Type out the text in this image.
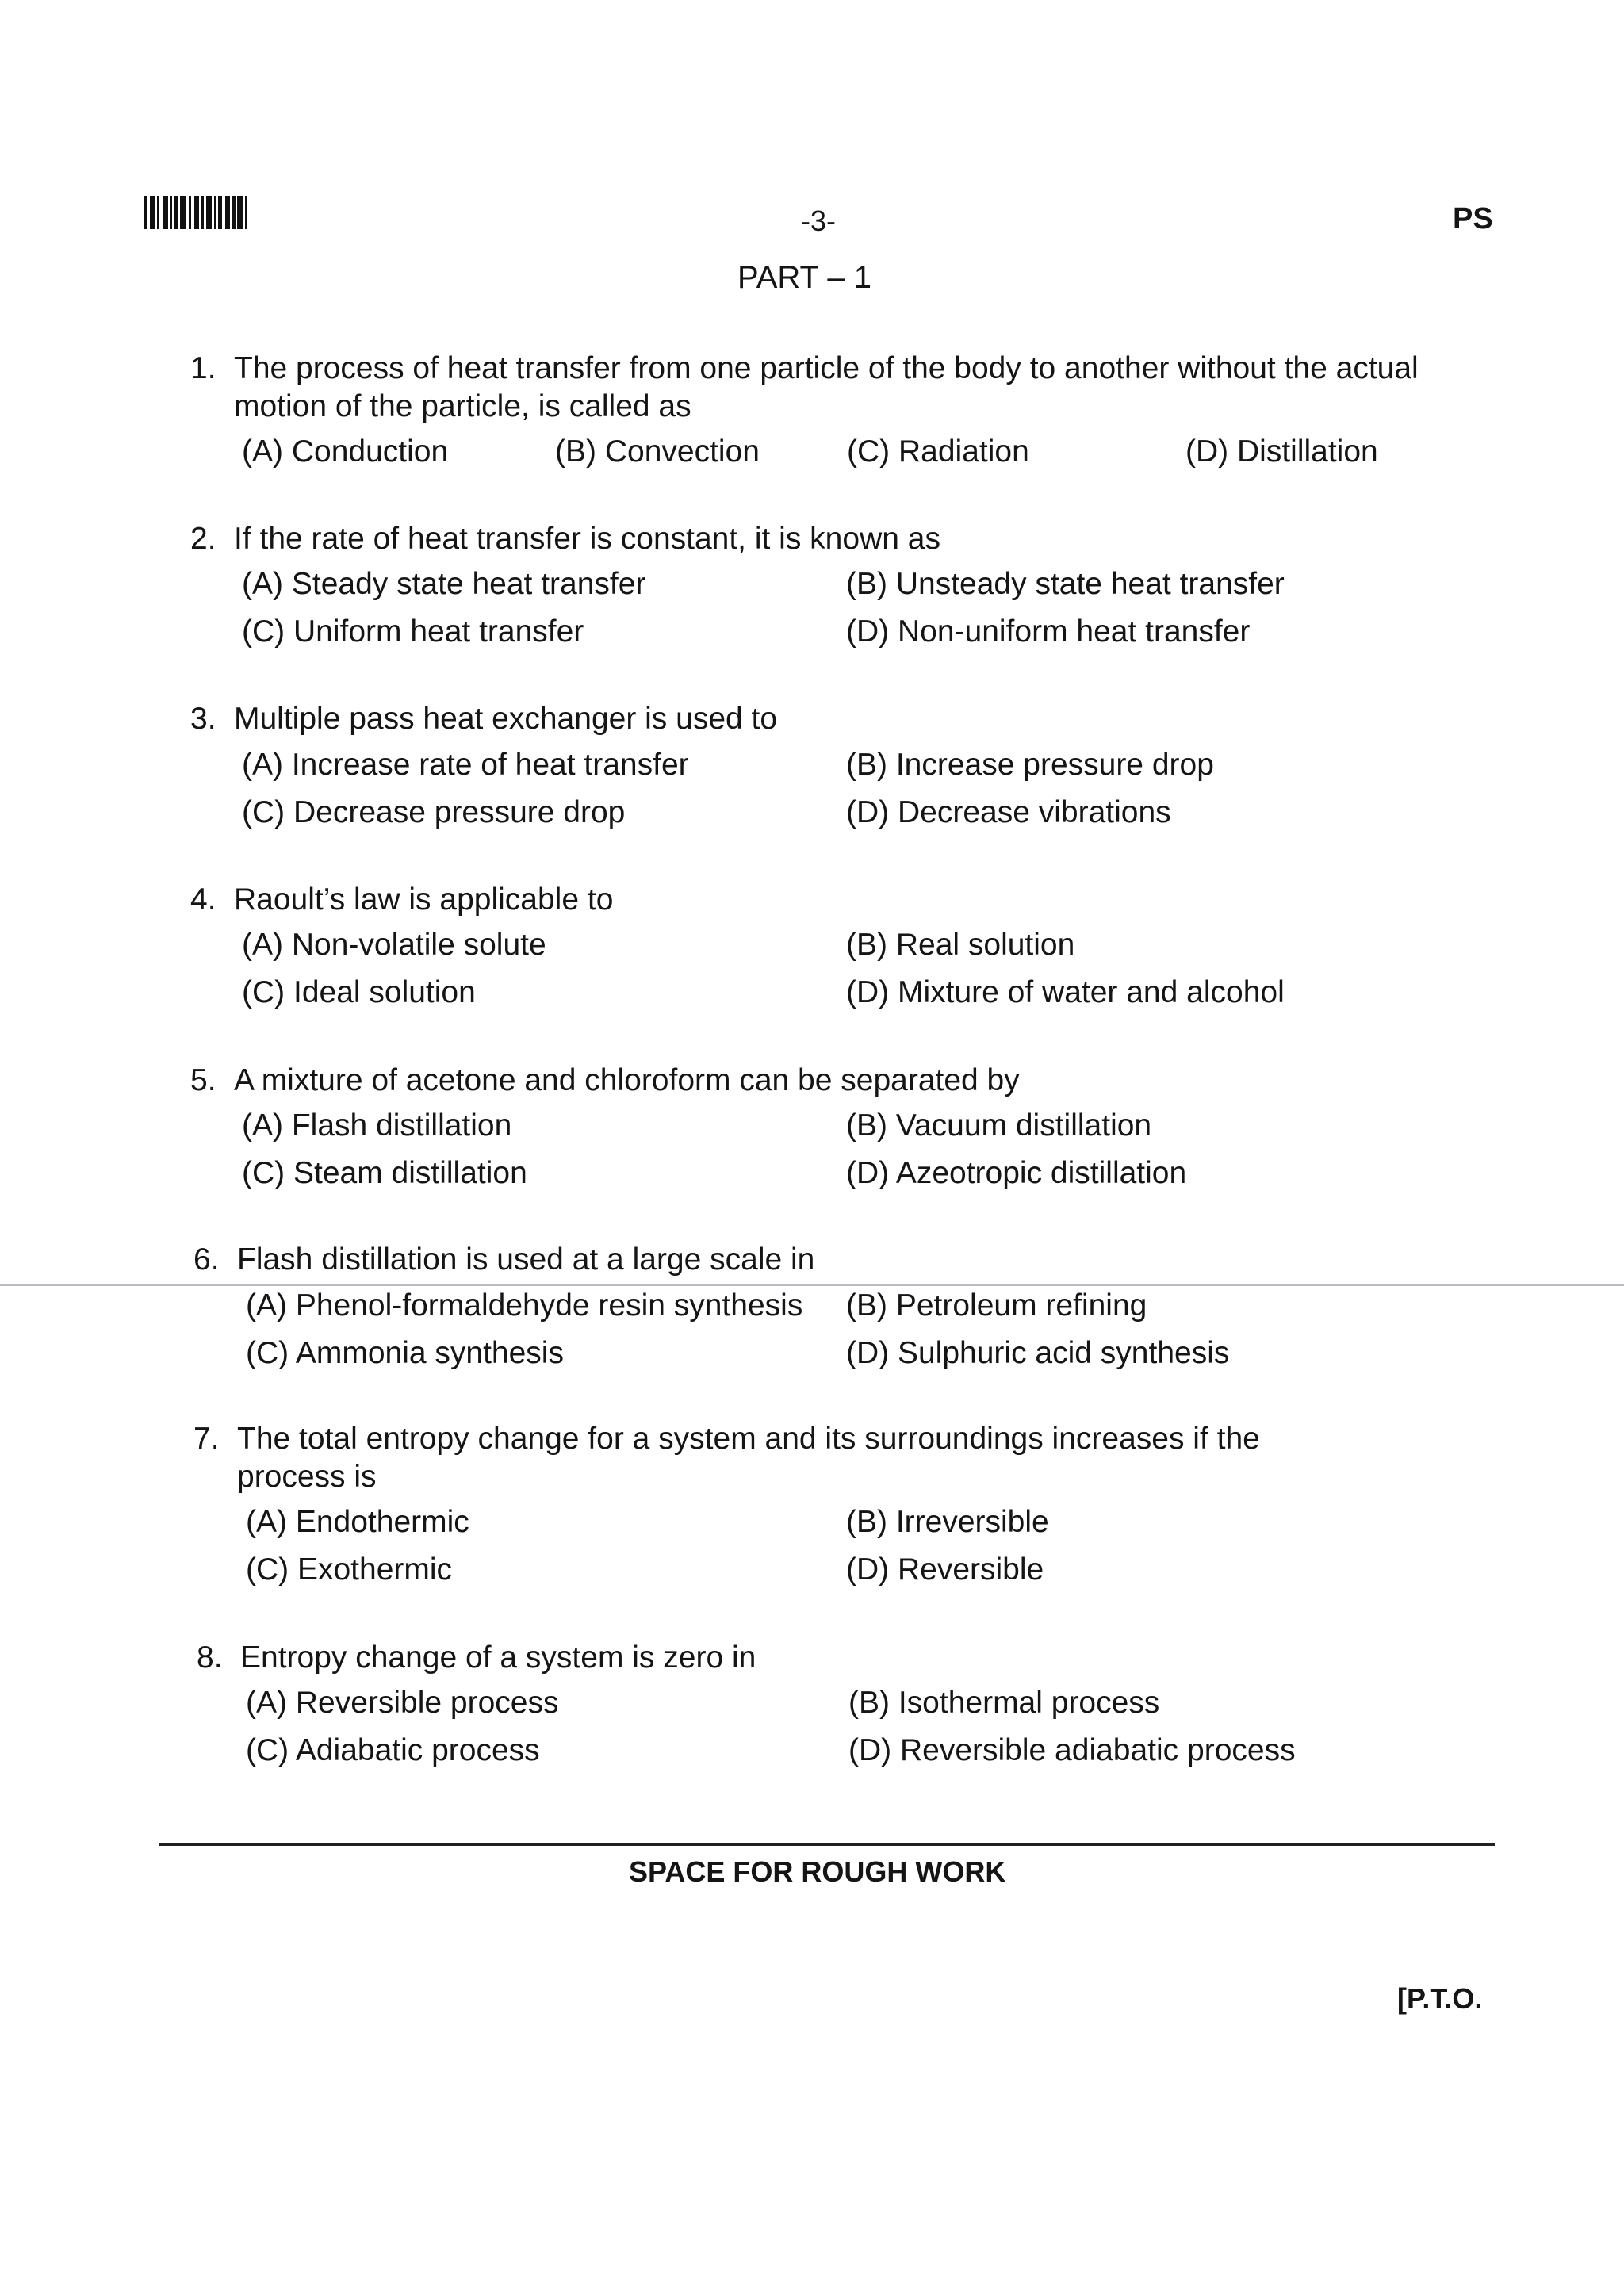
-3-	PS
PART – 1
1. The process of heat transfer from one particle of the body to another without the actual
motion of the particle, is called as
(A) Conduction	(B) Convection	(C) Radiation	(D) Distillation
2. If the rate of heat transfer is constant, it is known as
(A) Steady state heat transfer	(B) Unsteady state heat transfer
(C) Uniform heat transfer	(D) Non-uniform heat transfer
3. Multiple pass heat exchanger is used to
(A) Increase rate of heat transfer	(B) Increase pressure drop
(C) Decrease pressure drop	(D) Decrease vibrations
4. Raoult’s law is applicable to
(A) Non-volatile solute	(B) Real solution
(C) Ideal solution	(D) Mixture of water and alcohol
5. A mixture of acetone and chloroform can be separated by
(A) Flash distillation	(B) Vacuum distillation
(C) Steam distillation	(D) Azeotropic distillation
6. Flash distillation is used at a large scale in
(A) Phenol-formaldehyde resin synthesis (B) Petroleum refining
(C) Ammonia synthesis	(D) Sulphuric acid synthesis
7. The total entropy change for a system and its surroundings increases if the
process is
(A) Endothermic	(B) Irreversible
(C) Exothermic	(D) Reversible
8. Entropy change of a system is zero in
(A) Reversible process	(B) Isothermal process
(C) Adiabatic process	(D) Reversible adiabatic process
SPACE FOR ROUGH WORK
[P.T.O.
